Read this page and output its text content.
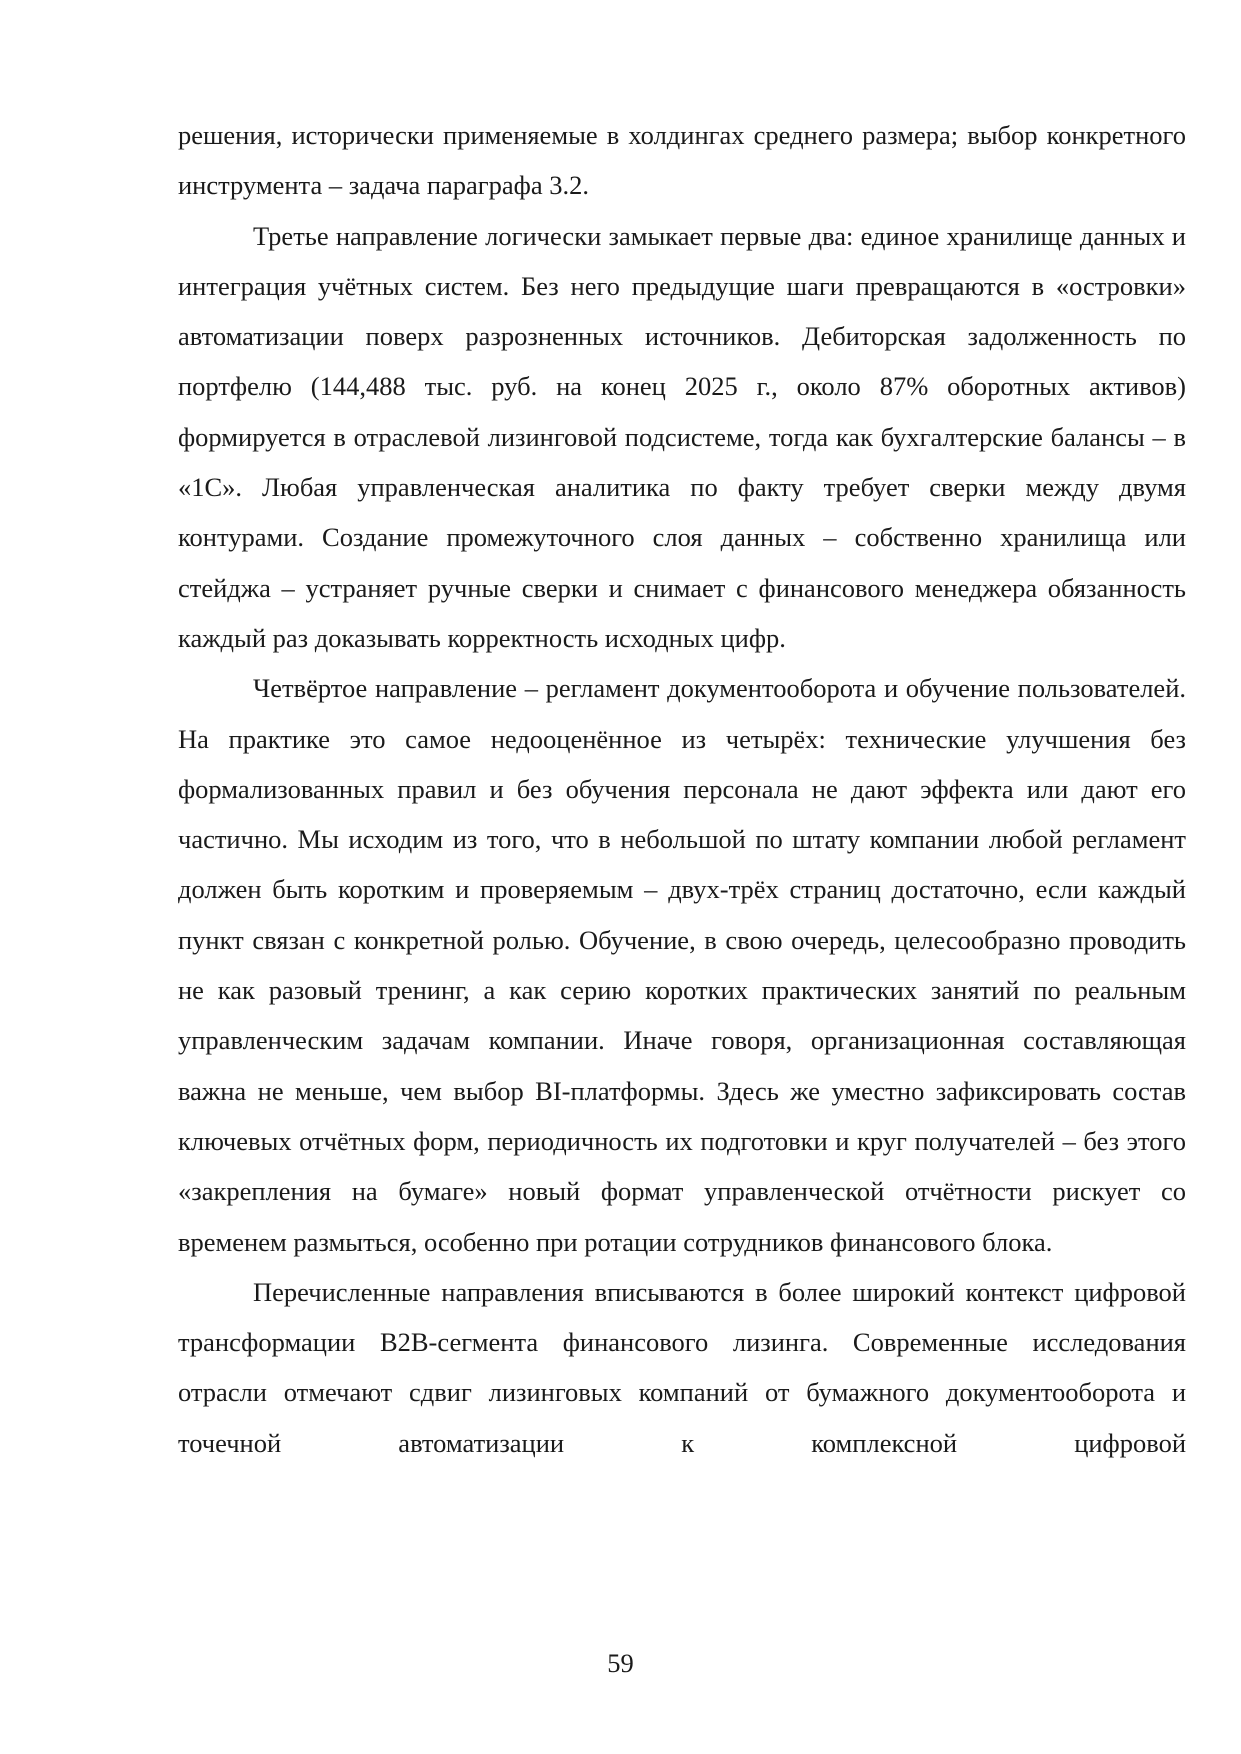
решения, исторически применяемые в холдингах среднего размера; выбор конкретного инструмента – задача параграфа 3.2.

Третье направление логически замыкает первые два: единое хранилище данных и интеграция учётных систем. Без него предыдущие шаги превращаются в «островки» автоматизации поверх разрозненных источников. Дебиторская задолженность по портфелю (144,488 тыс. руб. на конец 2025 г., около 87% оборотных активов) формируется в отраслевой лизинговой подсистеме, тогда как бухгалтерские балансы – в «1С». Любая управленческая аналитика по факту требует сверки между двумя контурами. Создание промежуточного слоя данных – собственно хранилища или стейджа – устраняет ручные сверки и снимает с финансового менеджера обязанность каждый раз доказывать корректность исходных цифр.

Четвёртое направление – регламент документооборота и обучение пользователей. На практике это самое недооценённое из четырёх: технические улучшения без формализованных правил и без обучения персонала не дают эффекта или дают его частично. Мы исходим из того, что в небольшой по штату компании любой регламент должен быть коротким и проверяемым – двух-трёх страниц достаточно, если каждый пункт связан с конкретной ролью. Обучение, в свою очередь, целесообразно проводить не как разовый тренинг, а как серию коротких практических занятий по реальным управленческим задачам компании. Иначе говоря, организационная составляющая важна не меньше, чем выбор BI-платформы. Здесь же уместно зафиксировать состав ключевых отчётных форм, периодичность их подготовки и круг получателей – без этого «закрепления на бумаге» новый формат управленческой отчётности рискует со временем размыться, особенно при ротации сотрудников финансового блока.

Перечисленные направления вписываются в более широкий контекст цифровой трансформации B2B-сегмента финансового лизинга. Современные исследования отрасли отмечают сдвиг лизинговых компаний от бумажного документооборота и точечной автоматизации к комплексной цифровой

59
